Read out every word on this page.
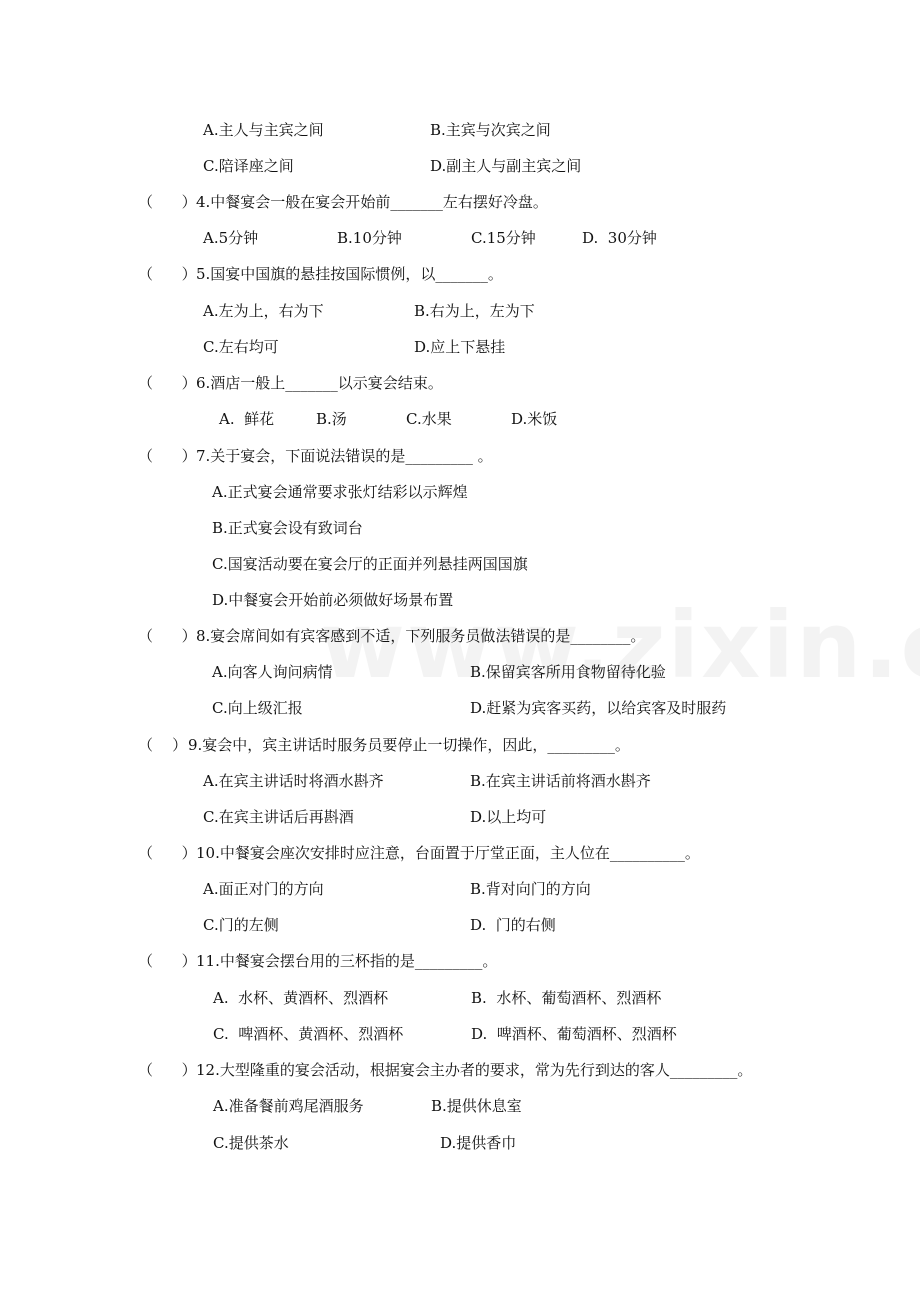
A.主人与主宾之间	B.主宾与次宾之间
C.陪译座之间	D.副主人与副主宾之间
（      ） 4.中餐宴会一般在宴会开始前_______左右摆好冷盘。
A.5分钟	B.10分钟	C.15分钟	D.  30分钟
（      ） 5.国宴中国旗的悬挂按国际惯例，以_______。
A.左为上，右为下	B.右为上，左为下
C.左右均可	D.应上下悬挂
（      ） 6.酒店一般上_______以示宴会结束。
A.  鲜花	B.汤	C.水果	D.米饭
（      ） 7.关于宴会，下面说法错误的是_________ 。
A.正式宴会通常要求张灯结彩以示辉煌
B.正式宴会设有致词台
C.国宴活动要在宴会厅的正面并列悬挂两国国旗
D.中餐宴会开始前必须做好场景布置
（      ） 8.宴会席间如有宾客感到不适，下列服务员做法错误的是________。
A.向客人询问病情	B.保留宾客所用食物留待化验
C.向上级汇报	D.赶紧为宾客买药，以给宾客及时服药
（    ） 9.宴会中，宾主讲话时服务员要停止一切操作，因此，_________。
A.在宾主讲话时将酒水斟齐	B.在宾主讲话前将酒水斟齐
C.在宾主讲话后再斟酒	D.以上均可
（      ） 10.中餐宴会座次安排时应注意，台面置于厅堂正面，主人位在__________。
A.面正对门的方向	B.背对向门的方向
C.门的左侧	D.  门的右侧
（      ） 11.中餐宴会摆台用的三杯指的是_________。
A.  水杯、黄酒杯、烈酒杯	B.  水杯、葡萄酒杯、烈酒杯
C.  啤酒杯、黄酒杯、烈酒杯	D.  啤酒杯、葡萄酒杯、烈酒杯
（      ） 12.大型隆重的宴会活动，根据宴会主办者的要求，常为先行到达的客人_________。
A.准备餐前鸡尾酒服务	B.提供休息室
C.提供茶水	D.提供香巾
